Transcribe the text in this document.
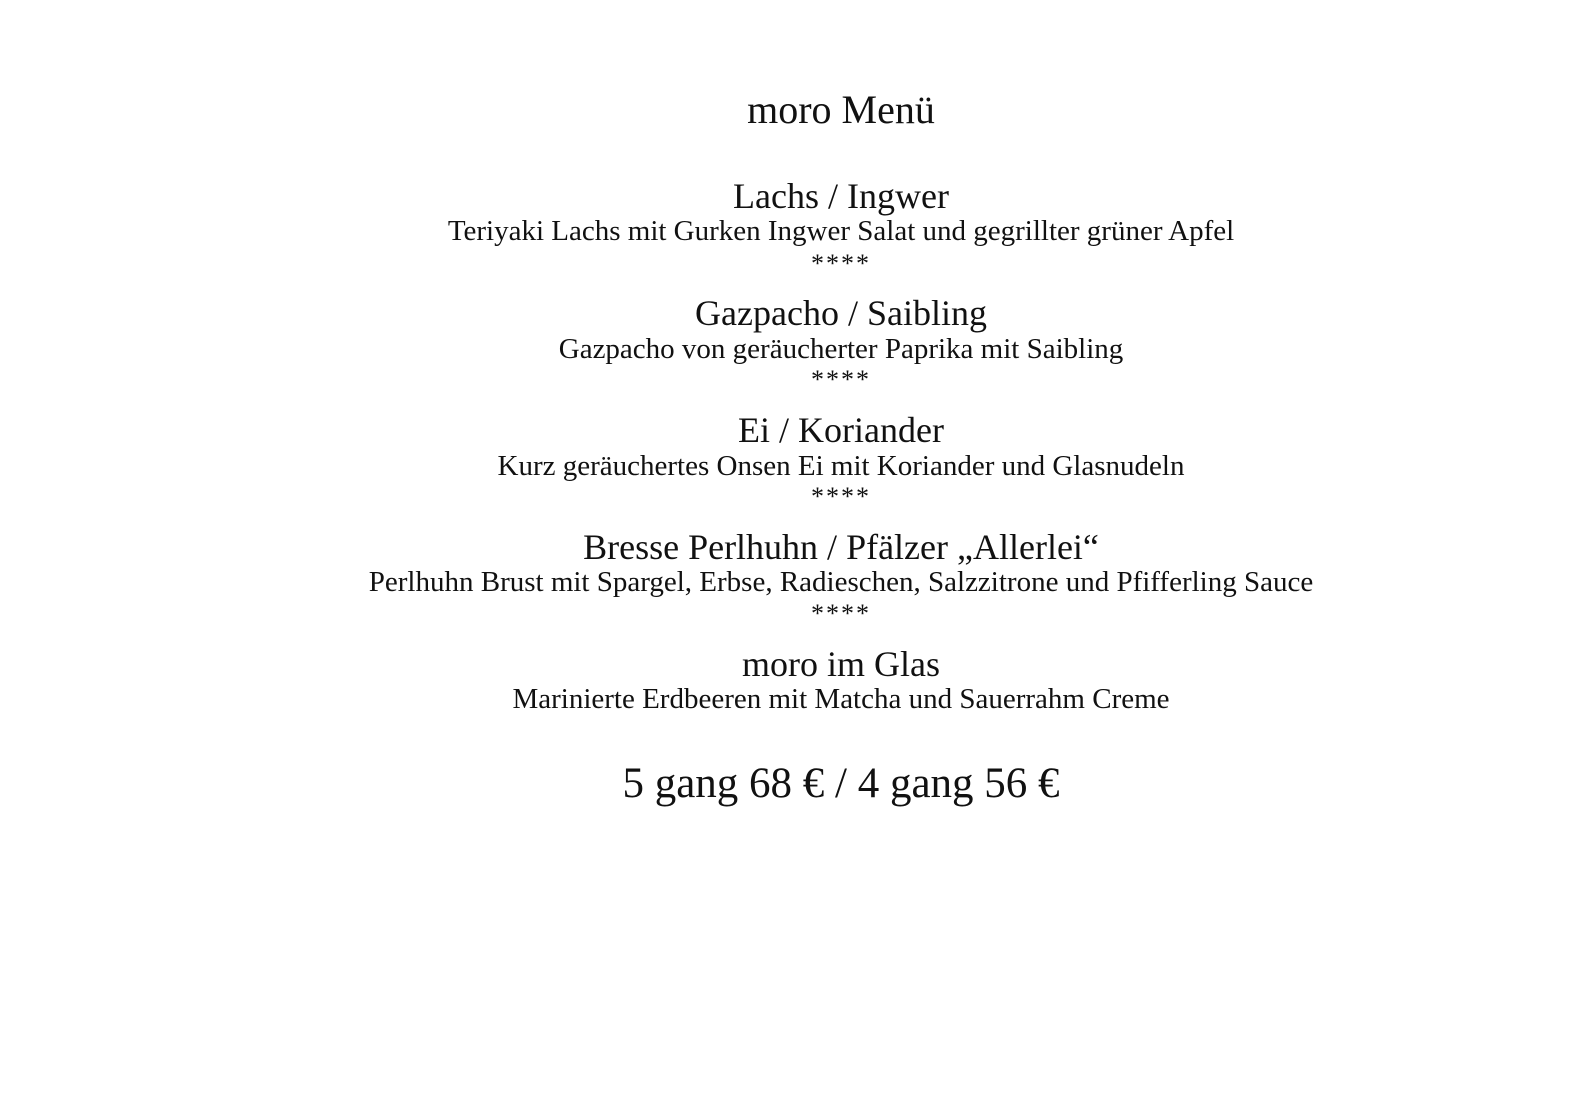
moro Menü
Lachs / Ingwer
Teriyaki Lachs mit Gurken Ingwer Salat und gegrillter grüner Apfel
****
Gazpacho / Saibling
Gazpacho von geräucherter Paprika mit Saibling
****
Ei / Koriander
Kurz geräuchertes Onsen Ei mit Koriander und Glasnudeln
****
Bresse Perlhuhn / Pfälzer „Allerlei“
Perlhuhn Brust mit Spargel, Erbse, Radieschen, Salzzitrone und Pfifferling Sauce
****
moro im Glas
Marinierte Erdbeeren mit Matcha und Sauerrahm Creme
5 gang 68 € / 4 gang 56 €
